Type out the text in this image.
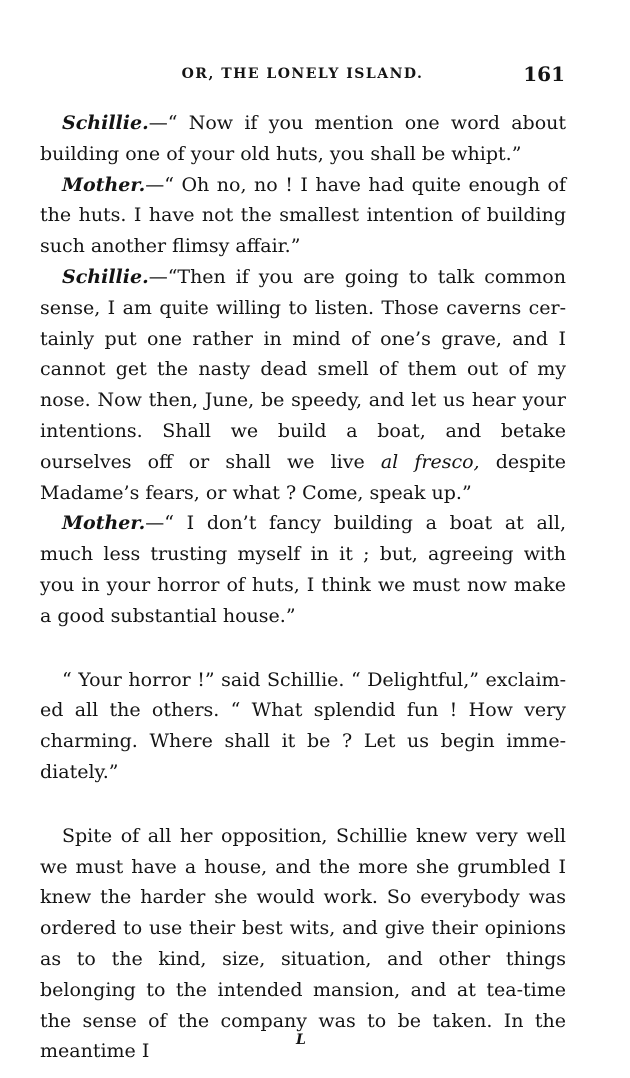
OR, THE LONELY ISLAND.	161

Schillie.—“ Now if you mention one word about building one of your old huts, you shall be whipt.”

Mother.—“ Oh no, no ! I have had quite enough of the huts. I have not the smallest intention of building such another flimsy affair.”

Schillie.—“Then if you are going to talk common sense, I am quite willing to listen. Those caverns certainly put one rather in mind of one’s grave, and I cannot get the nasty dead smell of them out of my nose. Now then, June, be speedy, and let us hear your intentions. Shall we build a boat, and betake ourselves off or shall we live al fresco, despite Madame’s fears, or what ? Come, speak up.”

Mother.—“ I don’t fancy building a boat at all, much less trusting myself in it ; but, agreeing with you in your horror of huts, I think we must now make a good substantial house.”

“ Your horror !” said Schillie. “ Delightful,” exclaimed all the others. “ What splendid fun ! How very charming. Where shall it be ? Let us begin immediately.”

Spite of all her opposition, Schillie knew very well we must have a house, and the more she grumbled I knew the harder she would work. So everybody was ordered to use their best wits, and give their opinions as to the kind, size, situation, and other things belonging to the intended mansion, and at tea-time the sense of the company was to be taken. In the meantime I

L
